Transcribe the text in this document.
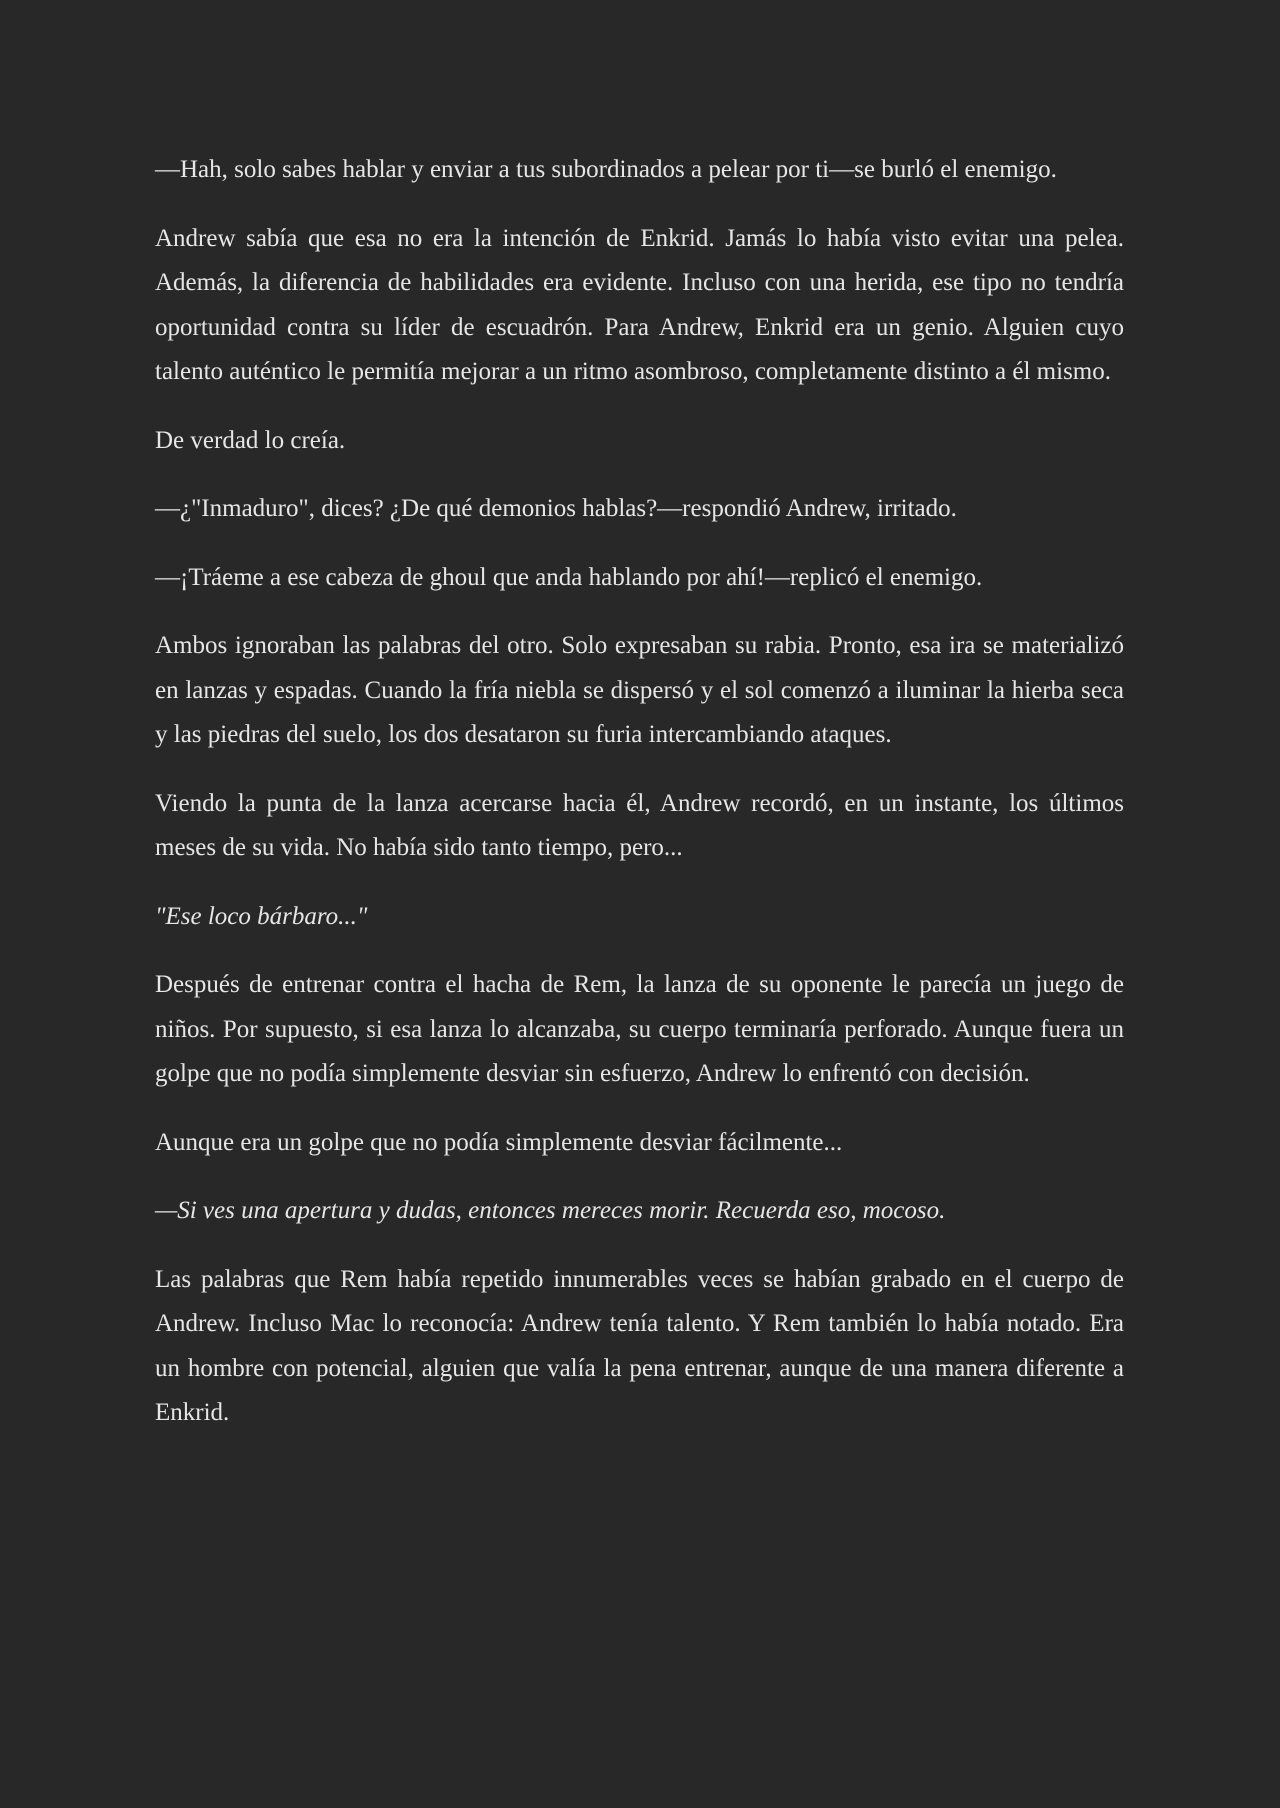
—Hah, solo sabes hablar y enviar a tus subordinados a pelear por ti—se burló el enemigo.

Andrew sabía que esa no era la intención de Enkrid. Jamás lo había visto evitar una pelea. Además, la diferencia de habilidades era evidente. Incluso con una herida, ese tipo no tendría oportunidad contra su líder de escuadrón. Para Andrew, Enkrid era un genio. Alguien cuyo talento auténtico le permitía mejorar a un ritmo asombroso, completamente distinto a él mismo.

De verdad lo creía.

—¿"Inmaduro", dices? ¿De qué demonios hablas?—respondió Andrew, irritado.

—¡Tráeme a ese cabeza de ghoul que anda hablando por ahí!—replicó el enemigo.

Ambos ignoraban las palabras del otro. Solo expresaban su rabia. Pronto, esa ira se materializó en lanzas y espadas. Cuando la fría niebla se dispersó y el sol comenzó a iluminar la hierba seca y las piedras del suelo, los dos desataron su furia intercambiando ataques.

Viendo la punta de la lanza acercarse hacia él, Andrew recordó, en un instante, los últimos meses de su vida. No había sido tanto tiempo, pero...

"Ese loco bárbaro..."

Después de entrenar contra el hacha de Rem, la lanza de su oponente le parecía un juego de niños. Por supuesto, si esa lanza lo alcanzaba, su cuerpo terminaría perforado. Aunque fuera un golpe que no podía simplemente desviar sin esfuerzo, Andrew lo enfrentó con decisión.

Aunque era un golpe que no podía simplemente desviar fácilmente...

—Si ves una apertura y dudas, entonces mereces morir. Recuerda eso, mocoso.

Las palabras que Rem había repetido innumerables veces se habían grabado en el cuerpo de Andrew. Incluso Mac lo reconocía: Andrew tenía talento. Y Rem también lo había notado. Era un hombre con potencial, alguien que valía la pena entrenar, aunque de una manera diferente a Enkrid.
